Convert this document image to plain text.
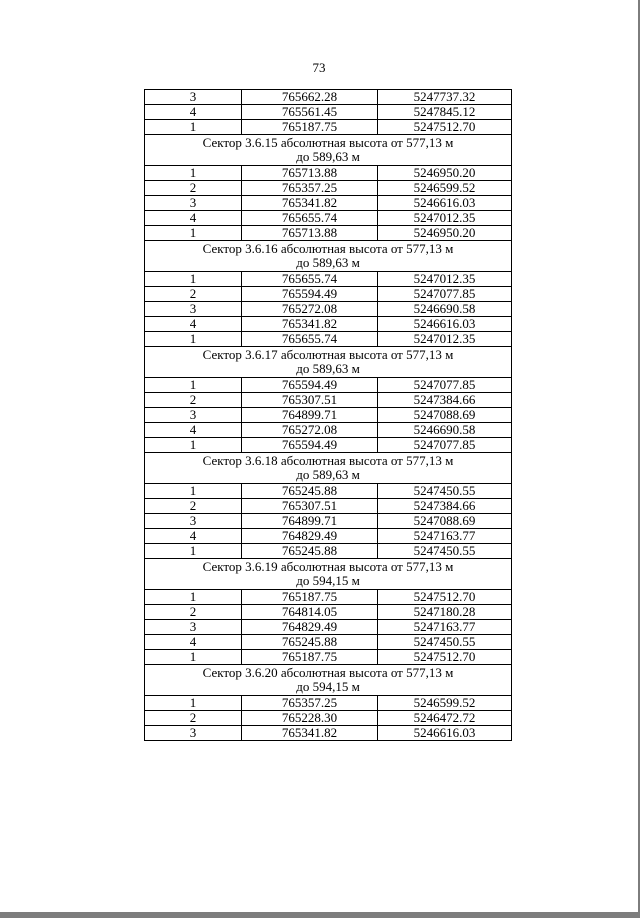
73
3	765662.28	5247737.32
4	765561.45	5247845.12
1	765187.75	5247512.70

Сектор 3.6.15 абсолютная высота от 577,13 м
до 589,63 м		

1	765713.88	5246950.20
2	765357.25	5246599.52
3	765341.82	5246616.03
4	765655.74	5247012.35
1	765713.88	5246950.20

Сектор 3.6.16 абсолютная высота от 577,13 м
до 589,63 м		

1	765655.74	5247012.35
2	765594.49	5247077.85
3	765272.08	5246690.58
4	765341.82	5246616.03
1	765655.74	5247012.35

Сектор 3.6.17 абсолютная высота от 577,13 м
до 589,63 м		

1	765594.49	5247077.85
2	765307.51	5247384.66
3	764899.71	5247088.69
4	765272.08	5246690.58
1	765594.49	5247077.85

Сектор 3.6.18 абсолютная высота от 577,13 м
до 589,63 м		

1	765245.88	5247450.55
2	765307.51	5247384.66
3	764899.71	5247088.69
4	764829.49	5247163.77
1	765245.88	5247450.55

Сектор 3.6.19 абсолютная высота от 577,13 м
до 594,15 м		

1	765187.75	5247512.70
2	764814.05	5247180.28
3	764829.49	5247163.77
4	765245.88	5247450.55
1	765187.75	5247512.70

Сектор 3.6.20 абсолютная высота от 577,13 м
до 594,15 м		

1	765357.25	5246599.52
2	765228.30	5246472.72
3	765341.82	5246616.03
